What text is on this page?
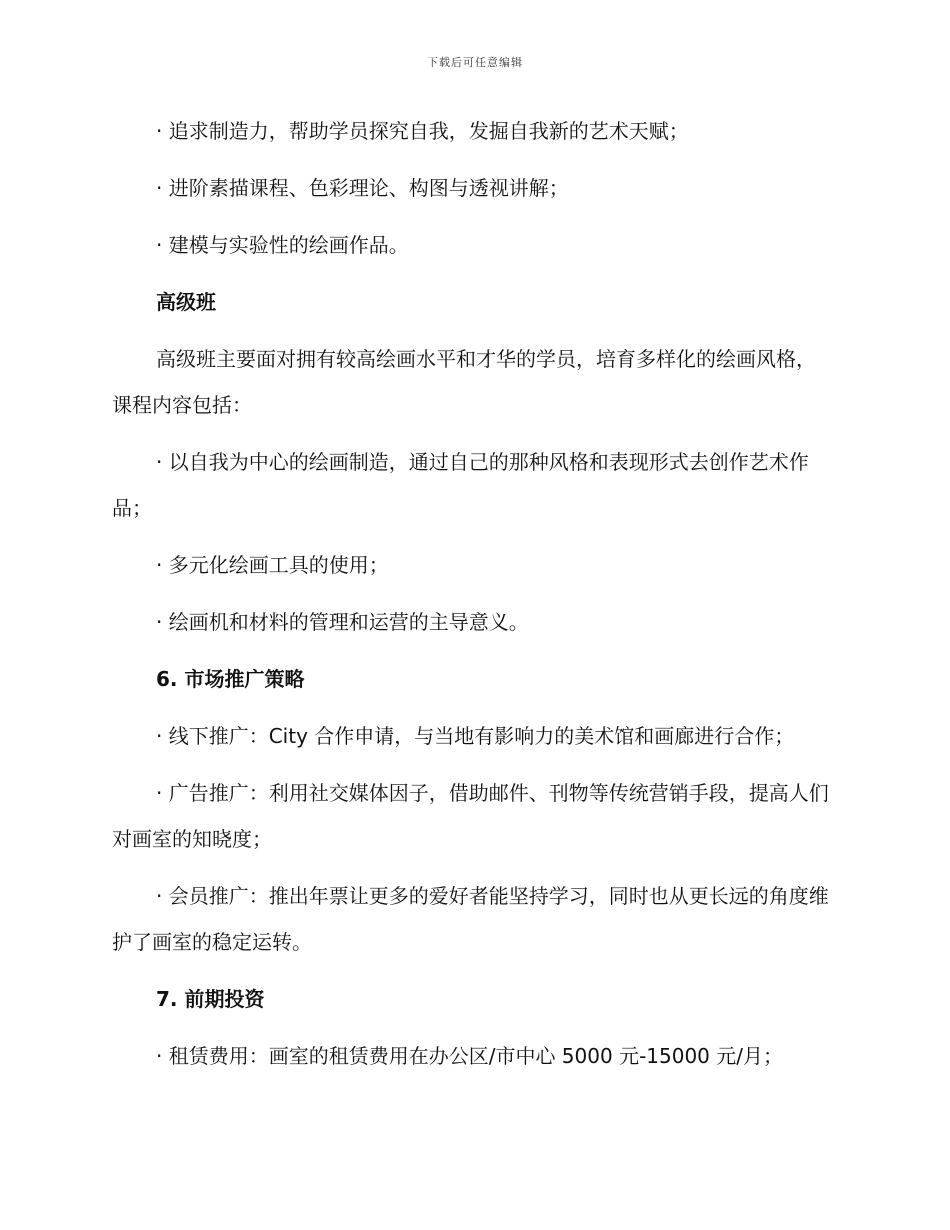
下载后可任意编辑

· 追求制造力，帮助学员探究自我，发掘自我新的艺术天赋；

· 进阶素描课程、色彩理论、构图与透视讲解；

· 建模与实验性的绘画作品。

高级班

高级班主要面对拥有较高绘画水平和才华的学员，培育多样化的绘画风格，课程内容包括：

· 以自我为中心的绘画制造，通过自己的那种风格和表现形式去创作艺术作品；

· 多元化绘画工具的使用；

· 绘画机和材料的管理和运营的主导意义。

6. 市场推广策略

· 线下推广：City 合作申请，与当地有影响力的美术馆和画廊进行合作；

· 广告推广：利用社交媒体因子，借助邮件、刊物等传统营销手段，提高人们对画室的知晓度；

· 会员推广：推出年票让更多的爱好者能坚持学习，同时也从更长远的角度维护了画室的稳定运转。

7. 前期投资

· 租赁费用：画室的租赁费用在办公区/市中心 5000 元-15000 元/月；
